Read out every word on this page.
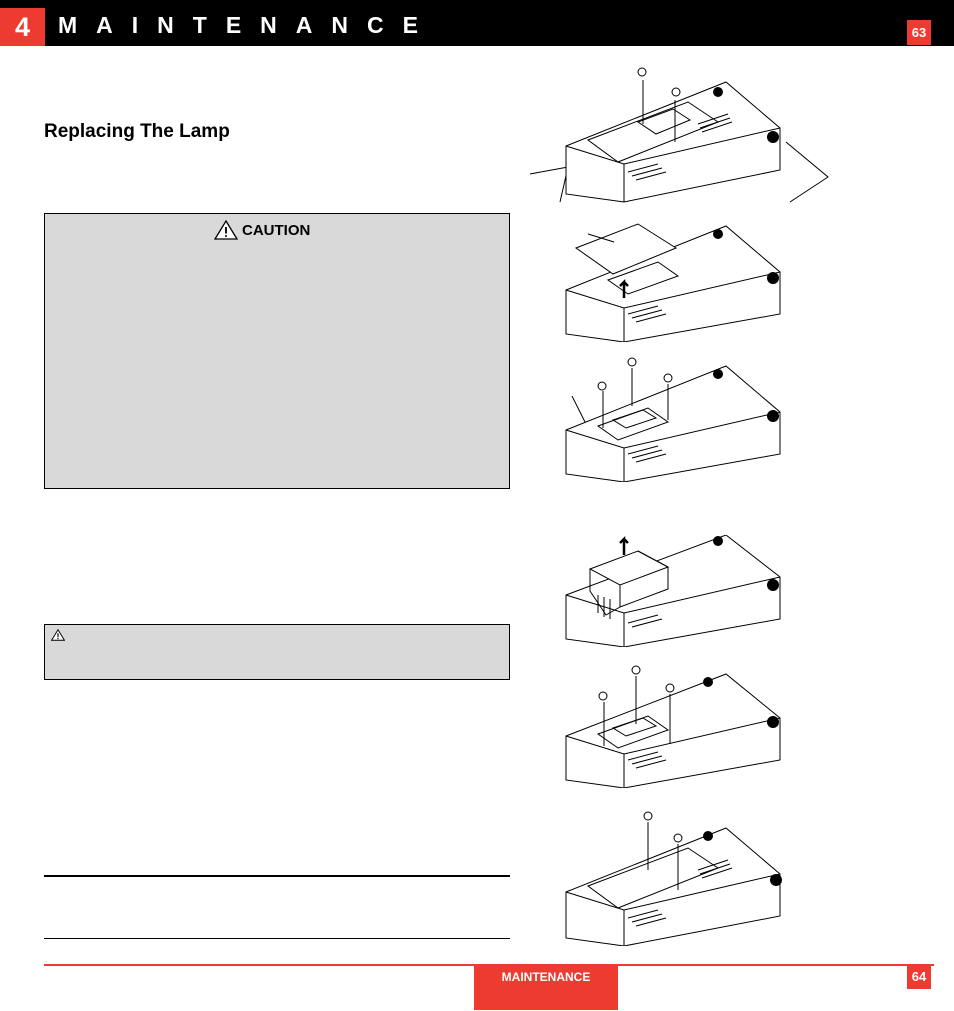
4	MAINTENANCE	63
Replacing The Lamp
CAUTION
MAINTENANCE	64
